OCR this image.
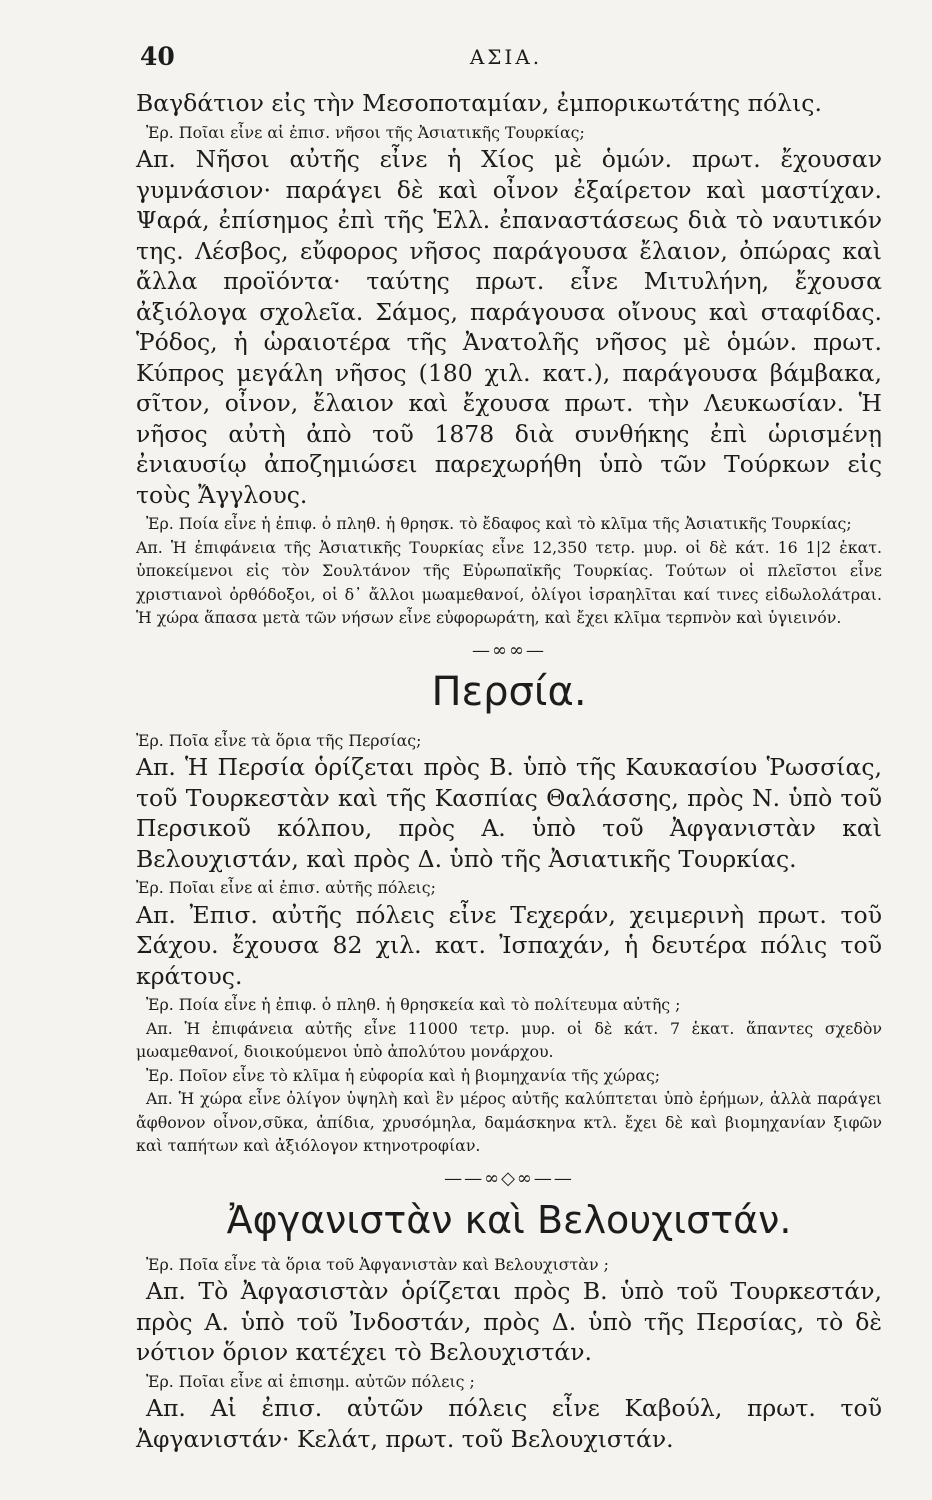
40	ΑΣΙΑ.

Βαγδάτιον εἰς τὴν Μεσοποταμίαν, ἐμπορικωτάτης πόλις.

Ἐρ. Ποῖαι εἶνε αἱ ἐπισ. νῆσοι τῆς Ἀσιατικῆς Τουρκίας;

Απ. Νῆσοι αὐτῆς εἶνε ἡ Χίος μὲ ὁμών. πρωτ. ἔχουσαν γυμνάσιον· παράγει δὲ καὶ οἶνον ἐξαίρετον καὶ μαστίχαν. Ψαρά, ἐπίσημος ἐπὶ τῆς Ἑλλ. ἐπαναστάσεως διὰ τὸ ναυτικόν της. Λέσβος, εὔφορος νῆσος παράγουσα ἔλαιον, ὀπώρας καὶ ἄλλα προϊόντα· ταύτης πρωτ. εἶνε Μιτυλήνη, ἔχουσα ἀξιόλογα σχολεῖα. Σάμος, παράγουσα οἴνους καὶ σταφίδας. Ῥόδος, ἡ ὡραιοτέρα τῆς Ἀνατολῆς νῆσος μὲ ὁμών. πρωτ. Κύπρος μεγάλη νῆσος (180 χιλ. κατ.), παράγουσα βάμβακα, σῖτον, οἶνον, ἔλαιον καὶ ἔχουσα πρωτ. τὴν Λευκωσίαν. Ἡ νῆσος αὐτὴ ἀπὸ τοῦ 1878 διὰ συνθήκης ἐπὶ ὡρισμένῃ ἐνιαυσίῳ ἀποζημιώσει παρεχωρήθη ὑπὸ τῶν Τούρκων εἰς τοὺς Ἄγγλους.

Ἐρ. Ποία εἶνε ἡ ἐπιφ. ὁ πληθ. ἡ θρησκ. τὸ ἔδαφος καὶ τὸ κλῖμα τῆς Ἀσιατικῆς Τουρκίας;

Απ. Ἡ ἐπιφάνεια τῆς Ἀσιατικῆς Τουρκίας εἶνε 12,350 τετρ. μυρ. οἱ δὲ κάτ. 16 1|2 ἑκατ. ὑποκείμενοι εἰς τὸν Σουλτάνον τῆς Εὐρωπαϊκῆς Τουρκίας. Τούτων οἱ πλεῖστοι εἶνε χριστιανοὶ ὀρθόδοξοι, οἱ δ᾽ ἄλλοι μωαμεθανοί, ὀλίγοι ἰσραηλῖται καί τινες εἰδωλολάτραι. Ἡ χώρα ἅπασα μετὰ τῶν νήσων εἶνε εὐφορωράτη, καὶ ἔχει κλῖμα τερπνὸν καὶ ὑγιεινόν.

—∞∞—
Περσία.

Ἐρ. Ποῖα εἶνε τὰ ὅρια τῆς Περσίας;

Απ. Ἡ Περσία ὁρίζεται πρὸς Β. ὑπὸ τῆς Καυκασίου Ῥωσσίας, τοῦ Τουρκεστὰν καὶ τῆς Κασπίας Θαλάσσης, πρὸς Ν. ὑπὸ τοῦ Περσικοῦ κόλπου, πρὸς Α. ὑπὸ τοῦ Ἀφγανιστὰν καὶ Βελουχιστάν, καὶ πρὸς Δ. ὑπὸ τῆς Ἀσιατικῆς Τουρκίας.

Ἐρ. Ποῖαι εἶνε αἱ ἐπισ. αὐτῆς πόλεις;

Απ. Ἐπισ. αὐτῆς πόλεις εἶνε Τεχεράν, χειμερινὴ πρωτ. τοῦ Σάχου. ἔχουσα 82 χιλ. κατ. Ἰσπαχάν, ἡ δευτέρα πόλις τοῦ κράτους.

Ἐρ. Ποία εἶνε ἡ ἐπιφ. ὁ πληθ. ἡ θρησκεία καὶ τὸ πολίτευμα αὐτῆς ;

Απ. Ἡ ἐπιφάνεια αὐτῆς εἶνε 11000 τετρ. μυρ. οἱ δὲ κάτ. 7 ἑκατ. ἅπαντες σχεδὸν μωαμεθανοί, διοικούμενοι ὑπὸ ἀπολύτου μονάρχου.

Ἐρ. Ποῖον εἶνε τὸ κλῖμα ἡ εὐφορία καὶ ἡ βιομηχανία τῆς χώρας;

Απ. Ἡ χώρα εἶνε ὀλίγον ὑψηλὴ καὶ ἓν μέρος αὐτῆς καλύπτεται ὑπὸ ἐρήμων, ἀλλὰ παράγει ἄφθονον οἶνον,σῦκα, ἀπίδια, χρυσόμηλα, δαμάσκηνα κτλ. ἔχει δὲ καὶ βιομηχανίαν ξιφῶν καὶ ταπήτων καὶ ἀξιόλογον κτηνοτροφίαν.

——∞◇∞——
Ἀφγανιστὰν καὶ Βελουχιστάν.

Ἐρ. Ποῖα εἶνε τὰ ὅρια τοῦ Ἀφγανιστὰν καὶ Βελουχιστὰν ;

Απ. Τὸ Ἀφγασιστὰν ὁρίζεται πρὸς Β. ὑπὸ τοῦ Τουρκεστάν, πρὸς Α. ὑπὸ τοῦ Ἰνδοστάν, πρὸς Δ. ὑπὸ τῆς Περσίας, τὸ δὲ νότιον ὅριον κατέχει τὸ Βελουχιστάν.

Ἐρ. Ποῖαι εἶνε αἱ ἐπισημ. αὐτῶν πόλεις ;

Απ. Αἱ ἐπισ. αὐτῶν πόλεις εἶνε Καβούλ, πρωτ. τοῦ Ἀφγανιστάν· Κελάτ, πρωτ. τοῦ Βελουχιστάν.
